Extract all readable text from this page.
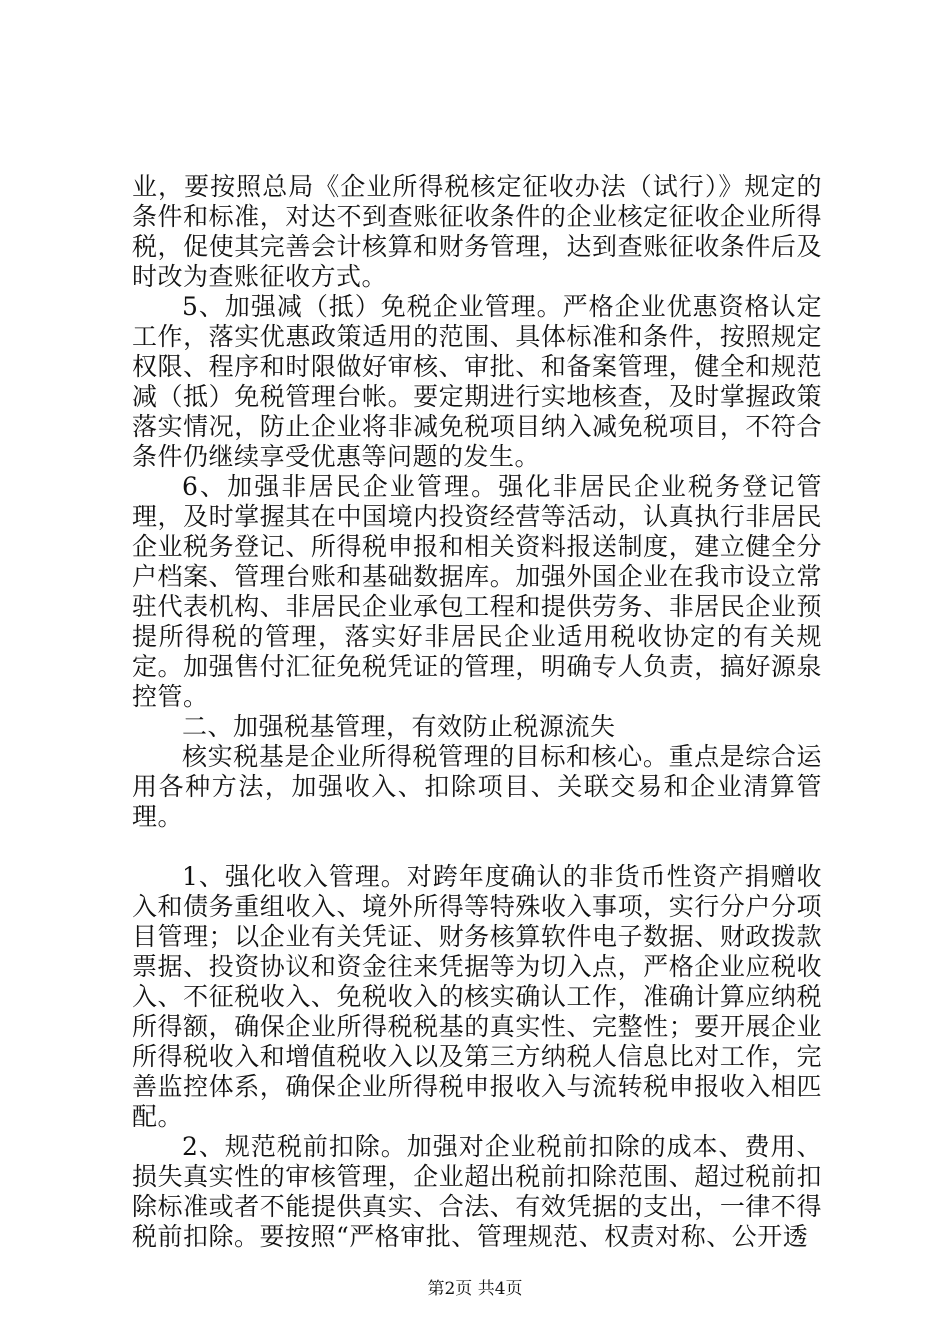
业，要按照总局《企业所得税核定征收办法（试行）》规定的条件和标准，对达不到查账征收条件的企业核定征收企业所得税，促使其完善会计核算和财务管理，达到查账征收条件后及时改为查账征收方式。

5、加强减（抵）免税企业管理。严格企业优惠资格认定工作，落实优惠政策适用的范围、具体标准和条件，按照规定权限、程序和时限做好审核、审批、和备案管理，健全和规范减（抵）免税管理台帐。要定期进行实地核查，及时掌握政策落实情况，防止企业将非减免税项目纳入减免税项目，不符合条件仍继续享受优惠等问题的发生。

6、加强非居民企业管理。强化非居民企业税务登记管理，及时掌握其在中国境内投资经营等活动，认真执行非居民企业税务登记、所得税申报和相关资料报送制度，建立健全分户档案、管理台账和基础数据库。加强外国企业在我市设立常驻代表机构、非居民企业承包工程和提供劳务、非居民企业预提所得税的管理，落实好非居民企业适用税收协定的有关规定。加强售付汇征免税凭证的管理，明确专人负责，搞好源泉控管。

二、加强税基管理，有效防止税源流失

核实税基是企业所得税管理的目标和核心。重点是综合运用各种方法，加强收入、扣除项目、关联交易和企业清算管理。

1、强化收入管理。对跨年度确认的非货币性资产捐赠收入和债务重组收入、境外所得等特殊收入事项，实行分户分项目管理；以企业有关凭证、财务核算软件电子数据、财政拨款票据、投资协议和资金往来凭据等为切入点，严格企业应税收入、不征税收入、免税收入的核实确认工作，准确计算应纳税所得额，确保企业所得税税基的真实性、完整性；要开展企业所得税收入和增值税收入以及第三方纳税人信息比对工作，完善监控体系，确保企业所得税申报收入与流转税申报收入相匹配。

2、规范税前扣除。加强对企业税前扣除的成本、费用、损失真实性的审核管理，企业超出税前扣除范围、超过税前扣除标准或者不能提供真实、合法、有效凭据的支出，一律不得税前扣除。要按照“严格审批、管理规范、权责对称、公开透

第2页 共4页
